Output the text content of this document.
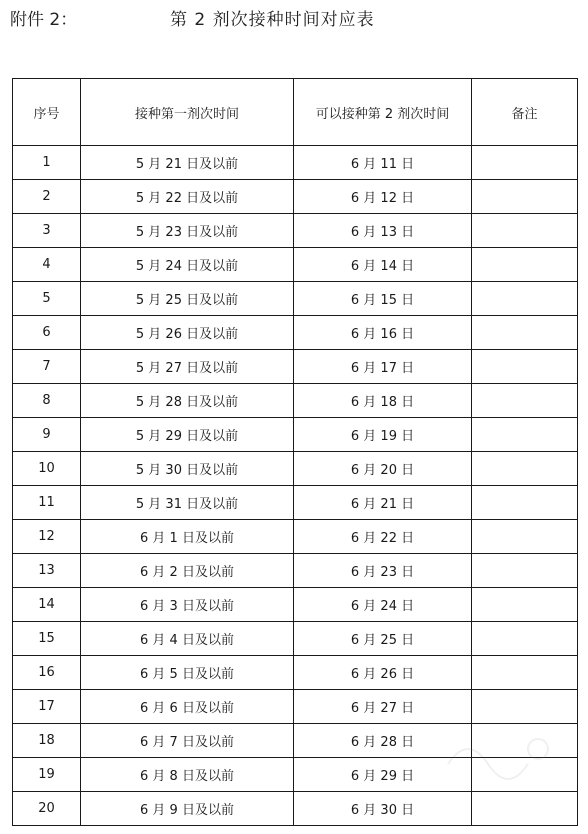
附件 2：	第 2 剂次接种时间对应表
序号	接种第一剂次时间	可以接种第 2 剂次时间	备注
1	5 月 21 日及以前	6 月 11 日	
2	5 月 22 日及以前	6 月 12 日	
3	5 月 23 日及以前	6 月 13 日	
4	5 月 24 日及以前	6 月 14 日	
5	5 月 25 日及以前	6 月 15 日	
6	5 月 26 日及以前	6 月 16 日	
7	5 月 27 日及以前	6 月 17 日	
8	5 月 28 日及以前	6 月 18 日	
9	5 月 29 日及以前	6 月 19 日	
10	5 月 30 日及以前	6 月 20 日	
11	5 月 31 日及以前	6 月 21 日	
12	6 月 1 日及以前	6 月 22 日	
13	6 月 2 日及以前	6 月 23 日	
14	6 月 3 日及以前	6 月 24 日	
15	6 月 4 日及以前	6 月 25 日	
16	6 月 5 日及以前	6 月 26 日	
17	6 月 6 日及以前	6 月 27 日	
18	6 月 7 日及以前	6 月 28 日	
19	6 月 8 日及以前	6 月 29 日	
20	6 月 9 日及以前	6 月 30 日	
